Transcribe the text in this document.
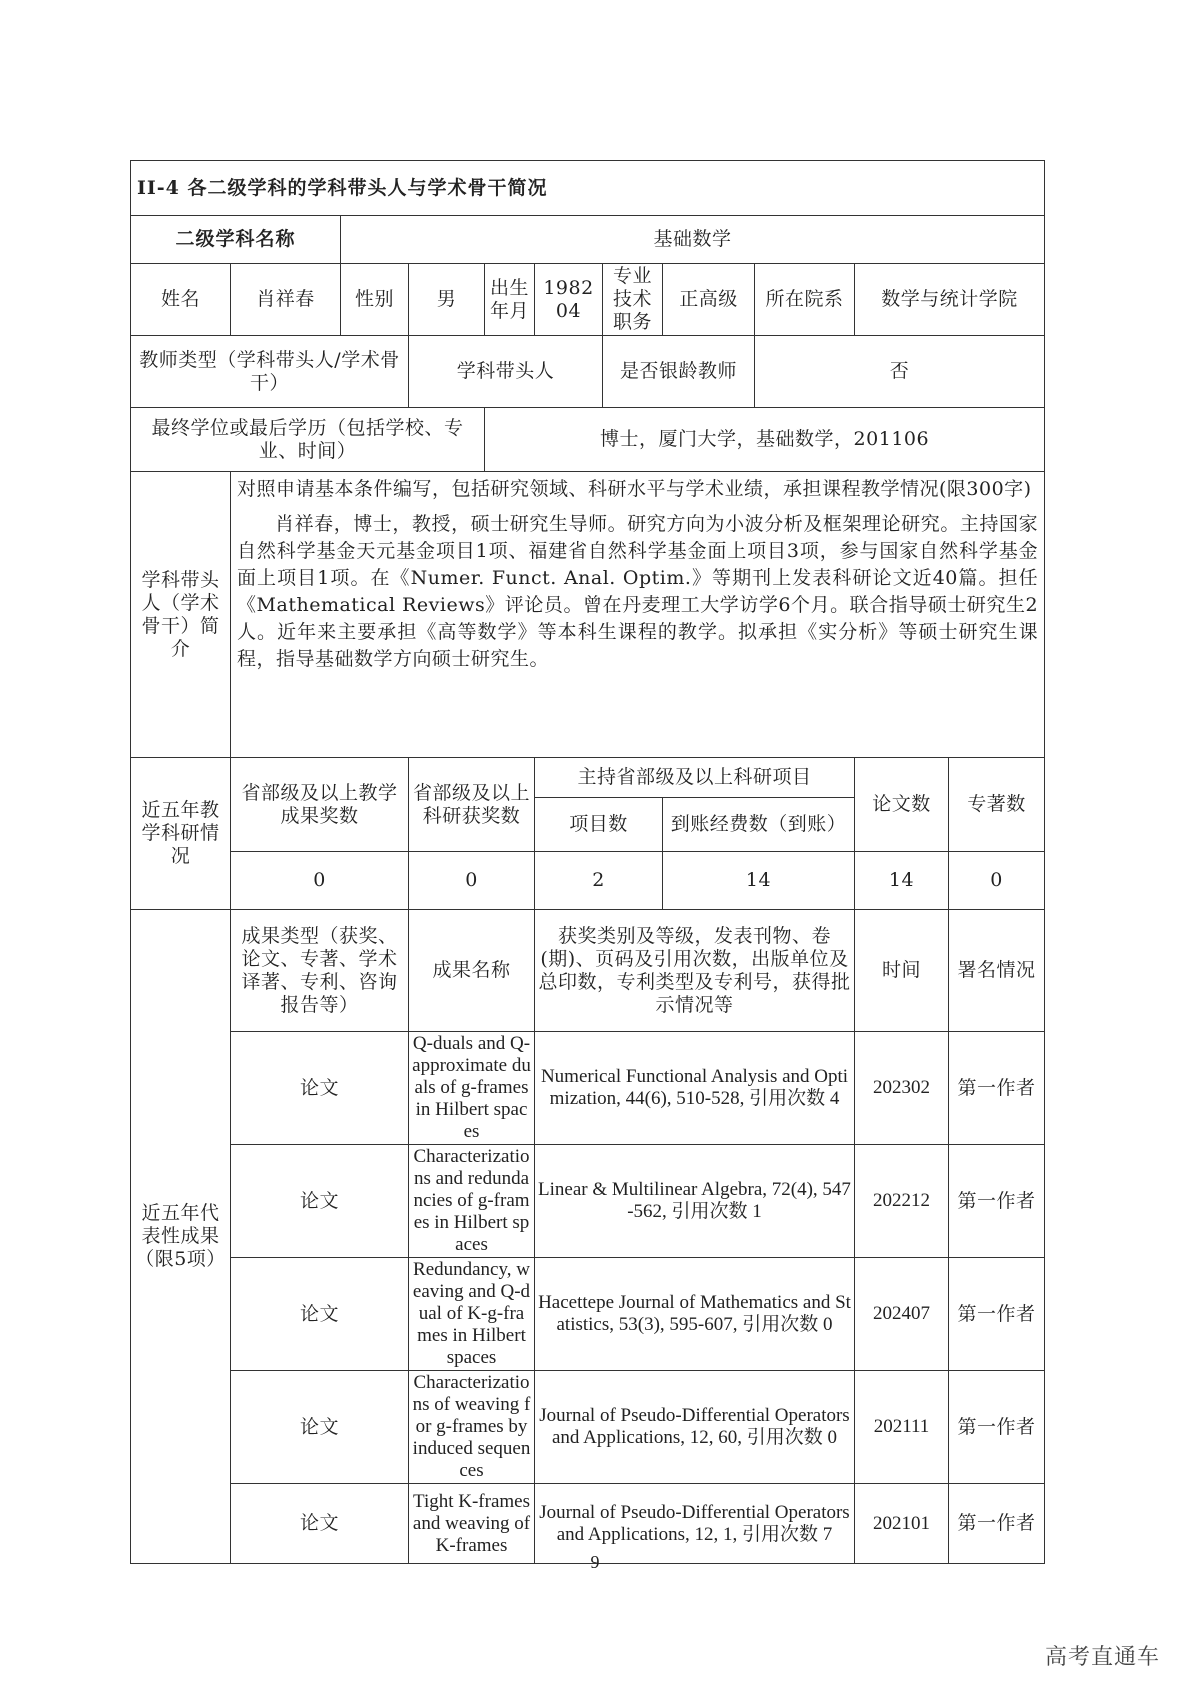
II-4 各二级学科的学科带头人与学术骨干简况										
二级学科名称		基础数学								
姓名	肖祥春	性别	男	出生年月	198204	专业技术职务	正高级	所在院系	数学与统计学院	
教师类型（学科带头人/学术骨干）			学科带头人			是否银龄教师		否		
最终学位或最后学历（包括学校、专业、时间）				博士，厦门大学，基础数学，201106						
学科带头人（学术骨干）简介	对照申请基本条件编写，包括研究领域、科研水平与学术业绩，承担课程教学情况(限300字)

肖祥春，博士，教授，硕士研究生导师。研究方向为小波分析及框架理论研究。主持国家自然科学基金天元基金项目1项、福建省自然科学基金面上项目3项，参与国家自然科学基金面上项目1项。在《Numer. Funct. Anal. Optim.》等期刊上发表科研论文近40篇。担任《Mathematical Reviews》评论员。曾在丹麦理工大学访学6个月。联合指导硕士研究生2人。近年来主要承担《高等数学》等本科生课程的教学。拟承担《实分析》等硕士研究生课程，指导基础数学方向硕士研究生。									

近五年教学科研情况	省部级及以上教学成果奖数		省部级及以上科研获奖数		主持省部级及以上科研项目				论文数	专著数
					项目数		到账经费数（到账）			
	0		0		2		14		14	0
近五年代表性成果（限5项）	成果类型（获奖、论文、专著、学术译著、专利、咨询报告等）		成果名称		获奖类别及等级，发表刊物、卷(期)、页码及引用次数，出版单位及总印数，专利类型及专利号，获得批示情况等				时间	署名情况
	论文		Q-duals and Q-approximate duals of g-frames in Hilbert spaces		Numerical Functional Analysis and Optimization, 44(6), 510-528, 引用次数 4				202302	第一作者
	论文		Characterizations and redundancies of g-frames in Hilbert spaces		Linear & Multilinear Algebra, 72(4), 547-562, 引用次数 1				202212	第一作者
	论文		Redundancy, weaving and Q-dual of K-g-frames in Hilbert spaces		Hacettepe Journal of Mathematics and Statistics, 53(3), 595-607, 引用次数 0				202407	第一作者
	论文		Characterizations of weaving for g-frames by induced sequences		Journal of Pseudo-Differential Operators and Applications, 12, 60, 引用次数 0				202111	第一作者
	论文		Tight K-frames and weaving of K-frames		Journal of Pseudo-Differential Operators and Applications, 12, 1, 引用次数 7				202101	第一作者
9
高考直通车
